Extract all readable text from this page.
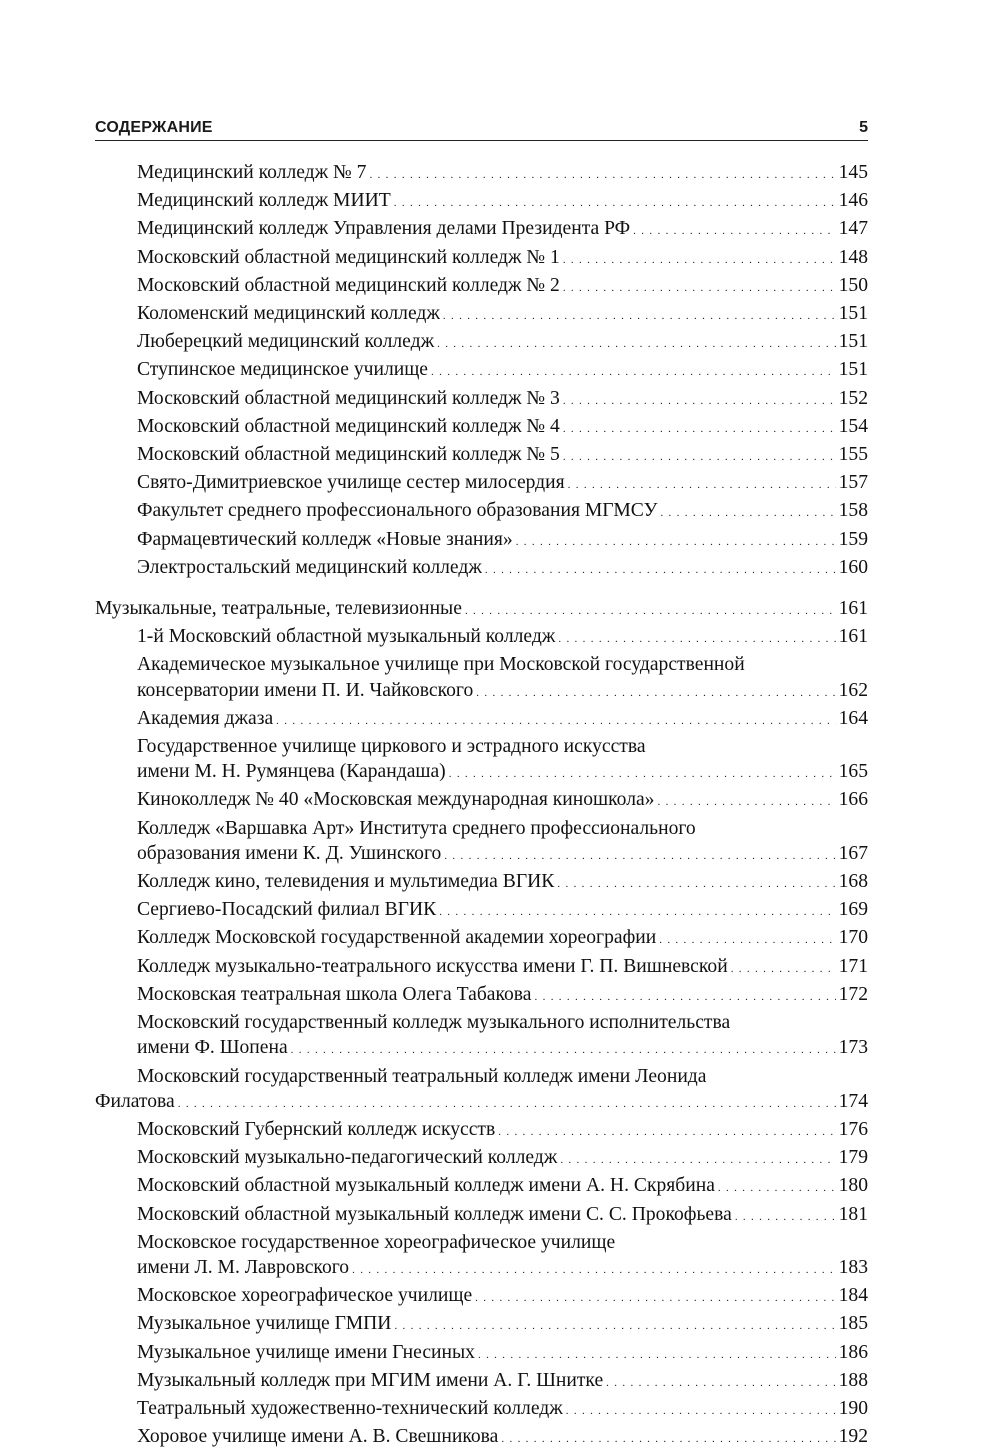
СОДЕРЖАНИЕ	5
Медицинский колледж № 7 . . .	145
Медицинский колледж МИИТ . . .	146
Медицинский колледж Управления делами Президента РФ . . .	147
Московский областной медицинский колледж № 1 . . .	148
Московский областной медицинский колледж № 2 . . .	150
Коломенский медицинский колледж . . .	151
Люберецкий медицинский колледж . . .	151
Ступинское медицинское училище . . .	151
Московский областной медицинский колледж № 3 . . .	152
Московский областной медицинский колледж № 4 . . .	154
Московский областной медицинский колледж № 5 . . .	155
Свято-Димитриевское училище сестер милосердия . . .	157
Факультет среднего профессионального образования МГМСУ . . .	158
Фармацевтический колледж «Новые знания» . . .	159
Электростальский медицинский колледж . . .	160
Музыкальные, театральные, телевизионные . . .	161
1-й Московский областной музыкальный колледж . . .	161
Академическое музыкальное училище при Московской государственной
консерватории имени П. И. Чайковского . . .	162
Академия джаза . . .	164
Государственное училище циркового и эстрадного искусства
имени М. Н. Румянцева (Карандаша) . . .	165
Киноколледж № 40 «Московская международная киношкола» . . .	166
Колледж «Варшавка Арт» Института среднего профессионального
образования имени К. Д. Ушинского . . .	167
Колледж кино, телевидения и мультимедиа ВГИК . . .	168
Сергиево-Посадский филиал ВГИК . . .	169
Колледж Московской государственной академии хореографии . . .	170
Колледж музыкально-театрального искусства имени Г. П. Вишневской . . .	171
Московская театральная школа Олега Табакова . . .	172
Московский государственный колледж музыкального исполнительства
имени Ф. Шопена . . .	173
Московский государственный театральный колледж имени Леонида
Филатова . . .	174
Московский Губернский колледж искусств . . .	176
Московский музыкально-педагогический колледж . . .	179
Московский областной музыкальный колледж имени А. Н. Скрябина . . .	180
Московский областной музыкальный колледж имени С. С. Прокофьева . . .	181
Московское государственное хореографическое училище
имени Л. М. Лавровского . . .	183
Московское хореографическое училище . . .	184
Музыкальное училище ГМПИ . . .	185
Музыкальное училище имени Гнесиных . . .	186
Музыкальный колледж при МГИМ имени А. Г. Шнитке . . .	188
Театральный художественно-технический колледж . . .	190
Хоровое училище имени А. В. Свешникова . . .	192
